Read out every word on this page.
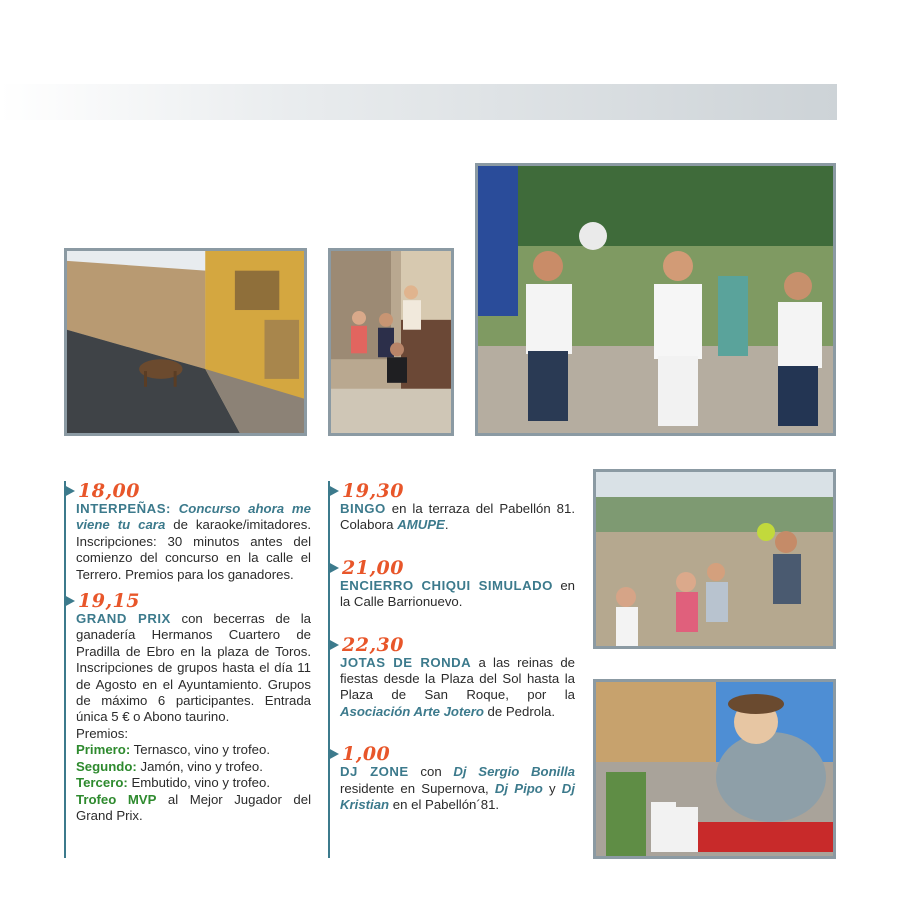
18,00

INTERPEÑAS: Concurso ahora me viene tu cara de karaoke/imitadores. Inscripciones: 30 minutos antes del comienzo del concurso en la calle el Terrero. Premios para los ganadores.

19,15

GRAND PRIX con becerras de la ganadería Hermanos Cuartero de Pradilla de Ebro en la plaza de Toros. Inscripciones de grupos hasta el día 11 de Agosto en el Ayuntamiento. Grupos de máximo 6 participantes. Entrada única 5 € o Abono taurino.

Premios:

Primero: Ternasco, vino y trofeo.

Segundo: Jamón, vino y trofeo.

Tercero: Embutido, vino y trofeo.

Trofeo MVP al Mejor Jugador del Grand Prix.

19,30

BINGO en la terraza del Pabellón 81. Colabora AMUPE.

21,00

ENCIERRO CHIQUI SIMULADO en la Calle Barrionuevo.

22,30

JOTAS DE RONDA a las reinas de fiestas desde la Plaza del Sol hasta la Plaza de San Roque, por la Asociación Arte Jotero de Pedrola.

1,00

DJ ZONE con Dj Sergio Bonilla residente en Supernova, Dj Pipo y Dj Kristian en el Pabellón´81.
